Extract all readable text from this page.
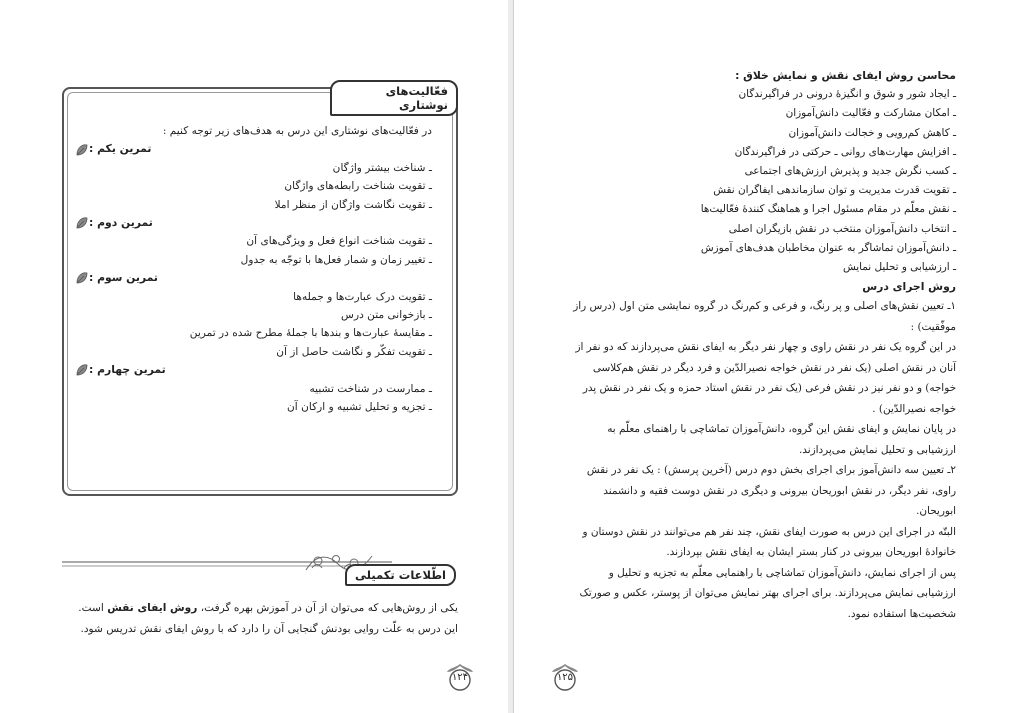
فعّالیت‌های نوشتاری
در فعّالیت‌های نوشتاری این درس به هدف‌های زیر توجه کنیم :
تمرین یکم :
ـ شناخت بیشتر واژگان
ـ تقویت شناخت رابطه‌های واژگان
ـ تقویت نگاشت واژگان از منظر املا
تمرین دوم :
ـ تقویت شناخت انواع فعل و ویژگی‌های آن
ـ تغییر زمان و شمار فعل‌ها با توجّه به جدول
تمرین سوم :
ـ تقویت درک عبارت‌ها و جمله‌ها
ـ بازخوانی متن درس
ـ مقایسهٔ عبارت‌ها و بندها با جملهٔ مطرح شده در تمرین
ـ تقویت تفکّر و نگاشت حاصل از آن
تمرین چهارم :
ـ ممارست در شناخت تشبیه
ـ تجزیه و تحلیل تشبیه و ارکان آن
اطّلاعات تکمیلی
یکی از روش‌هایی که می‌توان از آن در آموزش بهره گرفت، روش ایفای نقش است. این درس به علّت روایی بودنش گنجایی آن را دارد که با روش ایفای نقش تدریس شود.
۱۲۴
محاسن روش ایفای نقش و نمایش خلاق :
ـ ایجاد شور و شوق و انگیزهٔ درونی در فراگیرندگان
ـ امکان مشارکت و فعّالیت دانش‌آموزان
ـ کاهش کم‌رویی و خجالت دانش‌آموزان
ـ افزایش مهارت‌های روانی ـ حرکتی در فراگیرندگان
ـ کسب نگرش جدید و پذیرش ارزش‌های اجتماعی
ـ تقویت قدرت مدیریت و توان سازماندهی ایفاگران نقش
ـ نقش معلّم در مقام مسئول اجرا و هماهنگ کنندهٔ فعّالیت‌ها
ـ انتخاب دانش‌آموزان منتخب در نقش بازیگران اصلی
ـ دانش‌آموزان تماشاگر به عنوان مخاطبان هدف‌های آموزش
ـ ارزشیابی و تحلیل نمایش
روش اجرای درس
۱ـ تعیین نقش‌های اصلی و پر رنگ، و فرعی و کم‌رنگ در گروه نمایشی متن اول (درس راز موفّقیت) :
در این گروه یک نفر در نقش راوی و چهار نفر دیگر به ایفای نقش می‌پردازند که دو نفر از آنان در نقش اصلی (یک نفر در نقش خواجه نصیرالدّین و فرد دیگر در نقش هم‌کلاسی خواجه) و دو نفر نیز در نقش فرعی (یک نفر در نقش استاد حمزه و یک نفر در نقش پدر خواجه نصیرالدّین) .
در پایان نمایش و ایفای نقش این گروه، دانش‌آموزان تماشاچی با راهنمای معلّم به ارزشیابی و تحلیل نمایش می‌پردازند.
۲ـ تعیین سه دانش‌آموز برای اجرای بخش دوم درس (آخرین پرسش) : یک نفر در نقش راوی، نفر دیگر، در نقش ابوریحان بیرونی و دیگری در نقش دوست فقیه و دانشمند ابوریحان.
البتّه در اجرای این درس به صورت ایفای نقش، چند نفر هم می‌توانند در نقش دوستان و خانوادهٔ ابوریحان بیرونی در کنار بستر ایشان به ایفای نقش بپردازند.
پس از اجرای نمایش، دانش‌آموزان تماشاچی با راهنمایی معلّم به تجزیه و تحلیل و ارزشیابی نمایش می‌پردازند. برای اجرای بهتر نمایش می‌توان از پوستر، عکس و صورتک شخصیت‌ها استفاده نمود.
۱۲۵
